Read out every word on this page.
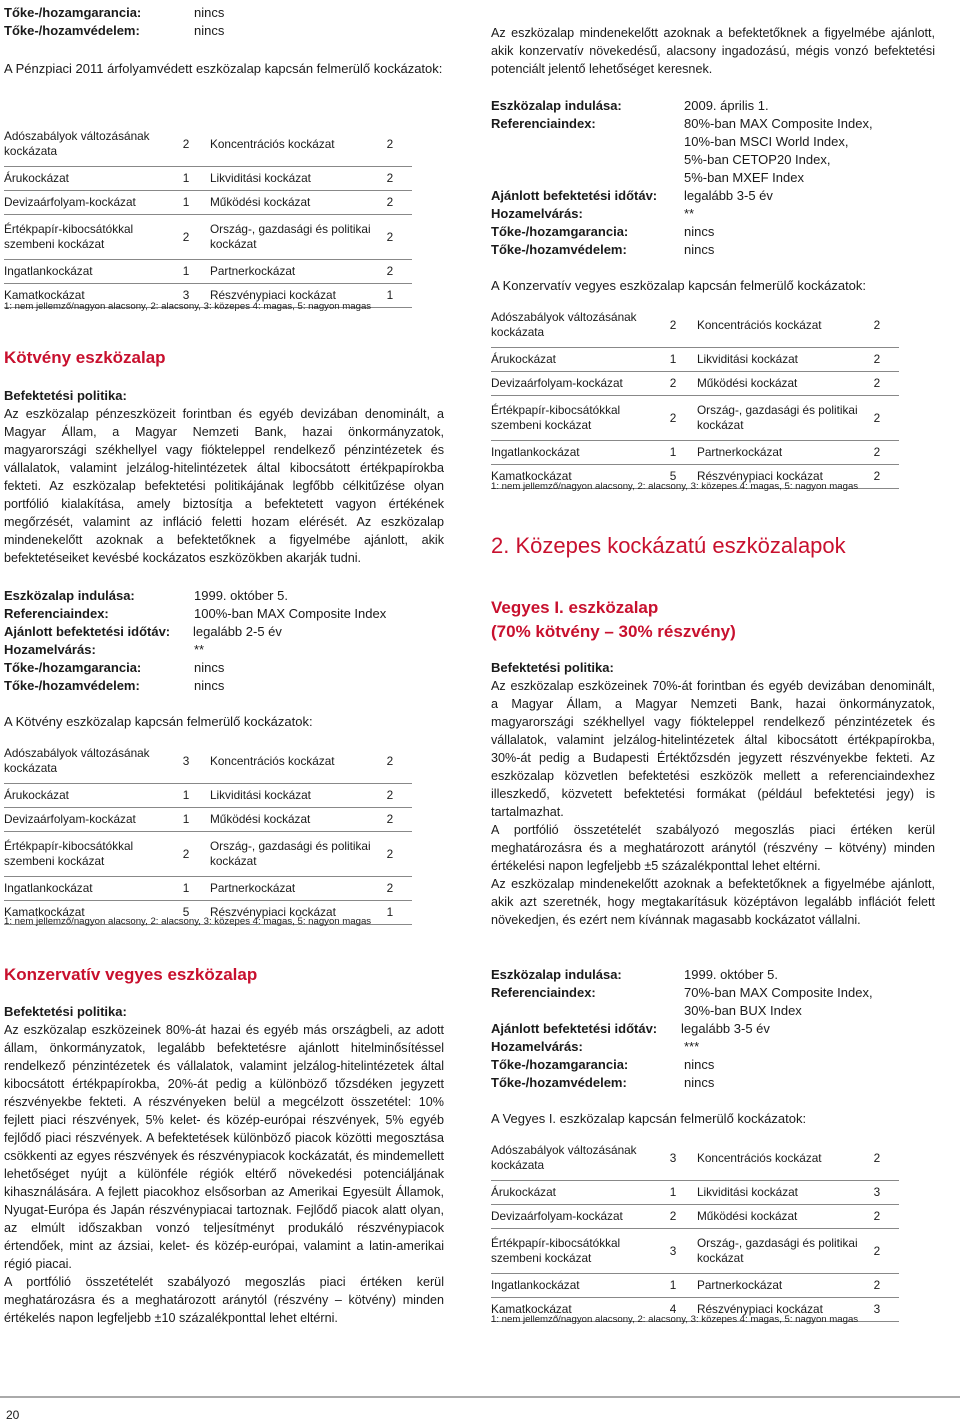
Tőke-/hozamgarancia:	nincs
Tőke-/hozamvédelem:	nincs
A Pénzpiaci 2011 árfolyamvédett eszközalap kapcsán felmerülő kockázatok:
Adószabályok változásának kockázata	2	Koncentrációs kockázat	2
Árukockázat	1	Likviditási kockázat	2
Devizaárfolyam-kockázat	1	Működési kockázat	2
Értékpapír-kibocsátókkal szembeni kockázat	2	Ország-, gazdasági és politikai kockázat	2
Ingatlankockázat	1	Partnerkockázat	2
Kamatkockázat	3	Részvénypiaci kockázat	1
1: nem jellemző/nagyon alacsony, 2: alacsony, 3: közepes 4: magas, 5: nagyon magas
Kötvény eszközalap
Befektetési politika:
Az eszközalap pénzeszközeit forintban és egyéb devizában denominált, a Magyar Állam, a Magyar Nemzeti Bank, hazai önkormányzatok, magyarországi székhellyel vagy fiókteleppel rendelkező pénzintézetek és vállalatok, valamint jelzálog-hitelintézetek által kibocsátott értékpapírokba fekteti. Az eszközalap befektetési politikájának legfőbb célkitűzése olyan portfólió kialakítása, amely biztosítja a befektetett vagyon értékének megőrzését, valamint az infláció feletti hozam elérését. Az eszközalap mindenekelőtt azoknak a befektetőknek a figyelmébe ajánlott, akik befektetéseiket kevésbé kockázatos eszközökben akarják tudni.
Eszközalap indulása:	1999. október 5.
Referenciaindex:	100%-ban MAX Composite Index
Ajánlott befektetési időtáv: legalább 2-5 év
Hozamelvárás:	**
Tőke-/hozamgarancia:	nincs
Tőke-/hozamvédelem:	nincs
A Kötvény eszközalap kapcsán felmerülő kockázatok:
Adószabályok változásának kockázata	3	Koncentrációs kockázat	2
Árukockázat	1	Likviditási kockázat	2
Devizaárfolyam-kockázat	1	Működési kockázat	2
Értékpapír-kibocsátókkal szembeni kockázat	2	Ország-, gazdasági és politikai kockázat	2
Ingatlankockázat	1	Partnerkockázat	2
Kamatkockázat	5	Részvénypiaci kockázat	1
1: nem jellemző/nagyon alacsony, 2: alacsony, 3: közepes 4: magas, 5: nagyon magas
Konzervatív vegyes eszközalap
Befektetési politika:
Az eszközalap eszközeinek 80%-át hazai és egyéb más országbeli, az adott állam, önkormányzatok, legalább befektetésre ajánlott hitelminősítéssel rendelkező pénzintézetek és vállalatok, valamint jelzálog-hitelintézetek által kibocsátott értékpapírokba, 20%-át pedig a különböző tőzsdéken jegyzett részvényekbe fekteti. A részvényeken belül a megcélzott összetétel: 10% fejlett piaci részvények, 5% kelet- és közép-európai részvények, 5% egyéb fejlődő piaci részvények. A befektetések különböző piacok közötti megosztása csökkenti az egyes részvények és részvénypiacok kockázatát, és mindemellett lehetőséget nyújt a különféle régiók eltérő növekedési potenciáljának kihasználására. A fejlett piacokhoz elsősorban az Amerikai Egyesült Államok, Nyugat-Európa és Japán részvénypiacai tartoznak. Fejlődő piacok alatt olyan, az elmúlt időszakban vonzó teljesítményt produkáló részvénypiacok értendőek, mint az ázsiai, kelet- és közép-európai, valamint a latin-amerikai régió piacai.
A portfólió összetételét szabályozó megoszlás piaci értéken kerül meghatározásra és a meghatározott aránytól (részvény – kötvény) minden értékelés napon legfeljebb ±10 százalékponttal lehet eltérni.
Az eszközalap mindenekelőtt azoknak a befektetőknek a figyelmébe ajánlott, akik konzervatív növekedésű, alacsony ingadozású, mégis vonzó befektetési potenciált jelentő lehetőséget keresnek.
Eszközalap indulása:	2009. április 1.
Referenciaindex:	80%-ban MAX Composite Index,
10%-ban MSCI World Index,
5%-ban CETOP20 Index,
5%-ban MXEF Index
Ajánlott befektetési időtáv: legalább 3-5 év
Hozamelvárás:	**
Tőke-/hozamgarancia:	nincs
Tőke-/hozamvédelem:	nincs
A Konzervatív vegyes eszközalap kapcsán felmerülő kockázatok:
Adószabályok változásának kockázata	2	Koncentrációs kockázat	2
Árukockázat	1	Likviditási kockázat	2
Devizaárfolyam-kockázat	2	Működési kockázat	2
Értékpapír-kibocsátókkal szembeni kockázat	2	Ország-, gazdasági és politikai kockázat	2
Ingatlankockázat	1	Partnerkockázat	2
Kamatkockázat	5	Részvénypiaci kockázat	2
1: nem jellemző/nagyon alacsony, 2: alacsony, 3: közepes 4: magas, 5: nagyon magas
2. Közepes kockázatú eszközalapok
Vegyes I. eszközalap
(70% kötvény – 30% részvény)
Befektetési politika:
Az eszközalap eszközeinek 70%-át forintban és egyéb devizában denominált, a Magyar Állam, a Magyar Nemzeti Bank, hazai önkormányzatok, magyarországi székhellyel vagy fiókteleppel rendelkező pénzintézetek és vállalatok, valamint jelzálog-hitelintézetek által kibocsátott értékpapírokba, 30%-át pedig a Budapesti Értéktőzsdén jegyzett részvényekbe fekteti. Az eszközalap közvetlen befektetési eszközök mellett a referenciaindexhez illeszkedő, közvetett befektetési formákat (például befektetési jegy) is tartalmazhat.
A portfólió összetételét szabályozó megoszlás piaci értéken kerül meghatározásra és a meghatározott aránytól (részvény – kötvény) minden értékelési napon legfeljebb ±5 százalékponttal lehet eltérni.
Az eszközalap mindenekelőtt azoknak a befektetőknek a figyelmébe ajánlott, akik azt szeretnék, hogy megtakarításuk középtávon legalább inflációt felett növekedjen, és ezért nem kívánnak magasabb kockázatot vállalni.
Eszközalap indulása:	1999. október 5.
Referenciaindex:	70%-ban MAX Composite Index,
30%-ban BUX Index
Ajánlott befektetési időtáv: legalább 3-5 év
Hozamelvárás:	***
Tőke-/hozamgarancia:	nincs
Tőke-/hozamvédelem:	nincs
A Vegyes I. eszközalap kapcsán felmerülő kockázatok:
Adószabályok változásának kockázata	3	Koncentrációs kockázat	2
Árukockázat	1	Likviditási kockázat	3
Devizaárfolyam-kockázat	2	Működési kockázat	2
Értékpapír-kibocsátókkal szembeni kockázat	3	Ország-, gazdasági és politikai kockázat	2
Ingatlankockázat	1	Partnerkockázat	2
Kamatkockázat	4	Részvénypiaci kockázat	3
1: nem jellemző/nagyon alacsony, 2: alacsony, 3: közepes 4: magas, 5: nagyon magas
20
